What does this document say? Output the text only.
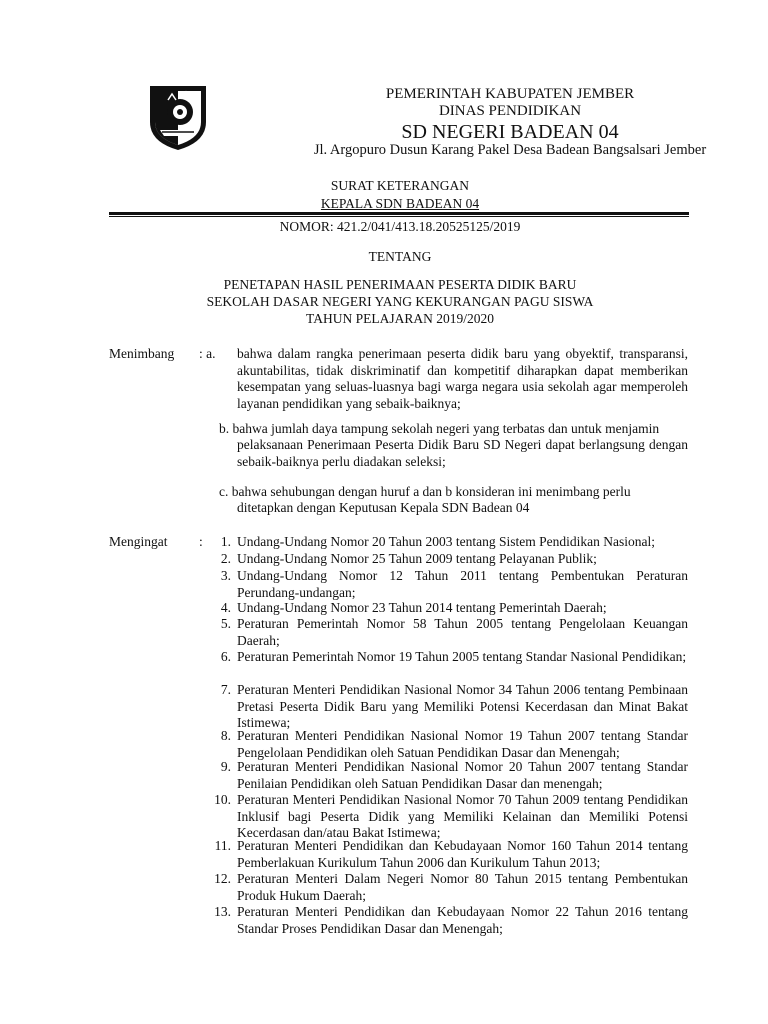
PEMERINTAH KABUPATEN JEMBER
DINAS PENDIDIKAN
SD NEGERI BADEAN 04
Jl. Argopuro Dusun Karang Pakel Desa Badean Bangsalsari Jember
SURAT KETERANGAN
KEPALA SDN BADEAN 04
NOMOR: 421.2/041/413.18.20525125/2019
TENTANG
PENETAPAN HASIL PENERIMAAN PESERTA DIDIK BARU
SEKOLAH DASAR NEGERI YANG KEKURANGAN PAGU SISWA
TAHUN PELAJARAN 2019/2020
Menimbang : a. bahwa dalam rangka penerimaan peserta didik baru yang obyektif, transparansi, akuntabilitas, tidak diskriminatif dan kompetitif diharapkan dapat memberikan kesempatan yang seluas-luasnya bagi warga negara usia sekolah agar memperoleh layanan pendidikan yang sebaik-baiknya;
b. bahwa jumlah daya tampung sekolah negeri yang terbatas dan untuk menjamin
pelaksanaan Penerimaan Peserta Didik Baru SD Negeri dapat berlangsung dengan sebaik-baiknya perlu diadakan seleksi;
c. bahwa sehubungan dengan huruf a dan b konsideran ini menimbang perlu
ditetapkan dengan Keputusan Kepala SDN Badean 04
Mengingat :	1. Undang-Undang Nomor 20 Tahun 2003 tentang Sistem Pendidikan Nasional;
2. Undang-Undang Nomor 25 Tahun 2009 tentang Pelayanan Publik;
3. Undang-Undang Nomor 12 Tahun 2011 tentang Pembentukan Peraturan Perundang-undangan;
4. Undang-Undang Nomor 23 Tahun 2014 tentang Pemerintah Daerah;
5. Peraturan Pemerintah Nomor 58 Tahun 2005 tentang Pengelolaan Keuangan Daerah;
6. Peraturan Pemerintah Nomor 19 Tahun 2005 tentang Standar Nasional Pendidikan;
7. Peraturan Menteri Pendidikan Nasional Nomor 34 Tahun 2006 tentang Pembinaan Pretasi Peserta Didik Baru yang Memiliki Potensi Kecerdasan dan Minat Bakat Istimewa;
8. Peraturan Menteri Pendidikan Nasional Nomor 19 Tahun 2007 tentang Standar Pengelolaan Pendidikan oleh Satuan Pendidikan Dasar dan Menengah;
9. Peraturan Menteri Pendidikan Nasional Nomor 20 Tahun 2007 tentang Standar Penilaian Pendidikan oleh Satuan Pendidikan Dasar dan menengah;
10. Peraturan Menteri Pendidikan Nasional Nomor 70 Tahun 2009 tentang Pendidikan Inklusif bagi Peserta Didik yang Memiliki Kelainan dan Memiliki Potensi Kecerdasan dan/atau Bakat Istimewa;
11. Peraturan Menteri Pendidikan dan Kebudayaan Nomor 160 Tahun 2014 tentang Pemberlakuan Kurikulum Tahun 2006 dan Kurikulum Tahun 2013;
12. Peraturan Menteri Dalam Negeri Nomor 80 Tahun 2015 tentang Pembentukan Produk Hukum Daerah;
13. Peraturan Menteri Pendidikan dan Kebudayaan Nomor 22 Tahun 2016 tentang Standar Proses Pendidikan Dasar dan Menengah;
